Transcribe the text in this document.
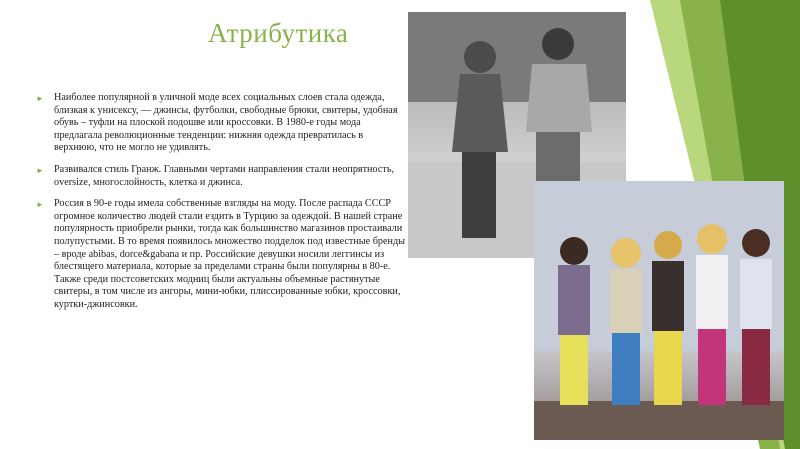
Атрибутика
► Наиболее популярной в уличной моде всех социальных слоев стала одежда, близкая к унисексу, — джинсы, футболки, свободные брюки, свитеры, удобная обувь – туфли на плоской подошве или кроссовки. В 1980-е годы мода предлагала революционные тенденции: нижняя одежда превратилась в верхнюю, что не могло не удивлять.
► Развивался стиль Гранж. Главными чертами направления стали неопрятность, oversize, многослойность, клетка и джинса.
► Россия в 90-е годы имела собственные взгляды на моду. После распада СССР огромное количество людей стали ездить в Турцию за одеждой. В нашей стране популярность приобрели рынки, тогда как большинство магазинов простаивали полупустыми. В то время появилось множество подделок под известные бренды – вроде abibas, dorce&gabana и пр. Российские девушки носили леггинсы из блестящего материала, которые за пределами страны были популярны в 80-е. Также среди постсоветских модниц были актуальны объемные растянутые свитеры, в том числе из ангоры, мини-юбки, плиссированные юбки, кроссовки, куртки-джинсовки.
